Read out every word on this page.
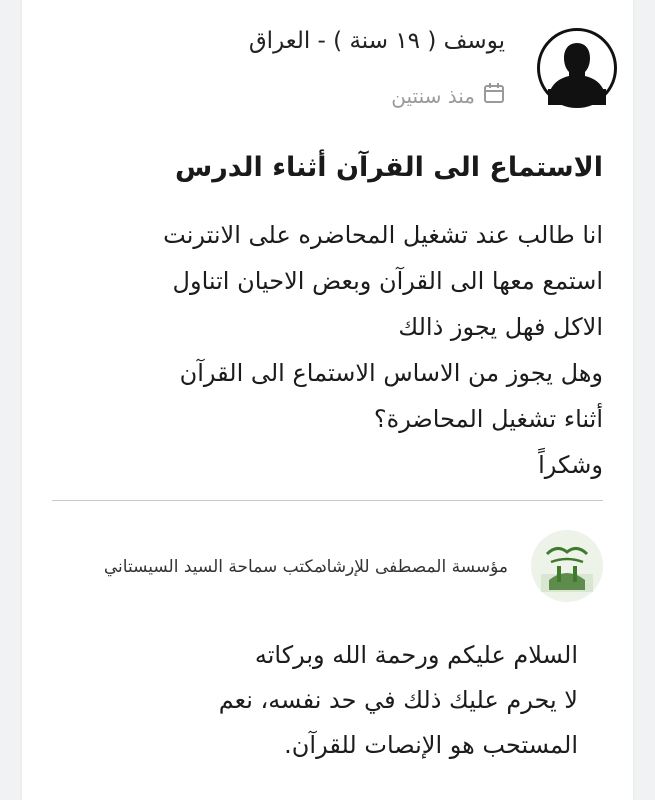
يوسف ( ١٩ سنة ) - العراق
منذ سنتين
الاستماع الى القرآن أثناء الدرس
انا طالب عند تشغيل المحاضره على الانترنت
استمع معها الى القرآن وبعض الاحيان اتناول
الاكل فهل يجوز ذالك
وهل يجوز من الاساس الاستماع الى القرآن
أثناء تشغيل المحاضرة؟
وشكراً
مؤسسة المصطفى للإرشاد
مكتب سماحة السيد السيستاني
السلام عليكم ورحمة الله وبركاته
لا يحرم عليك ذلك في حد نفسه، نعم
المستحب هو الإنصات للقرآن.
